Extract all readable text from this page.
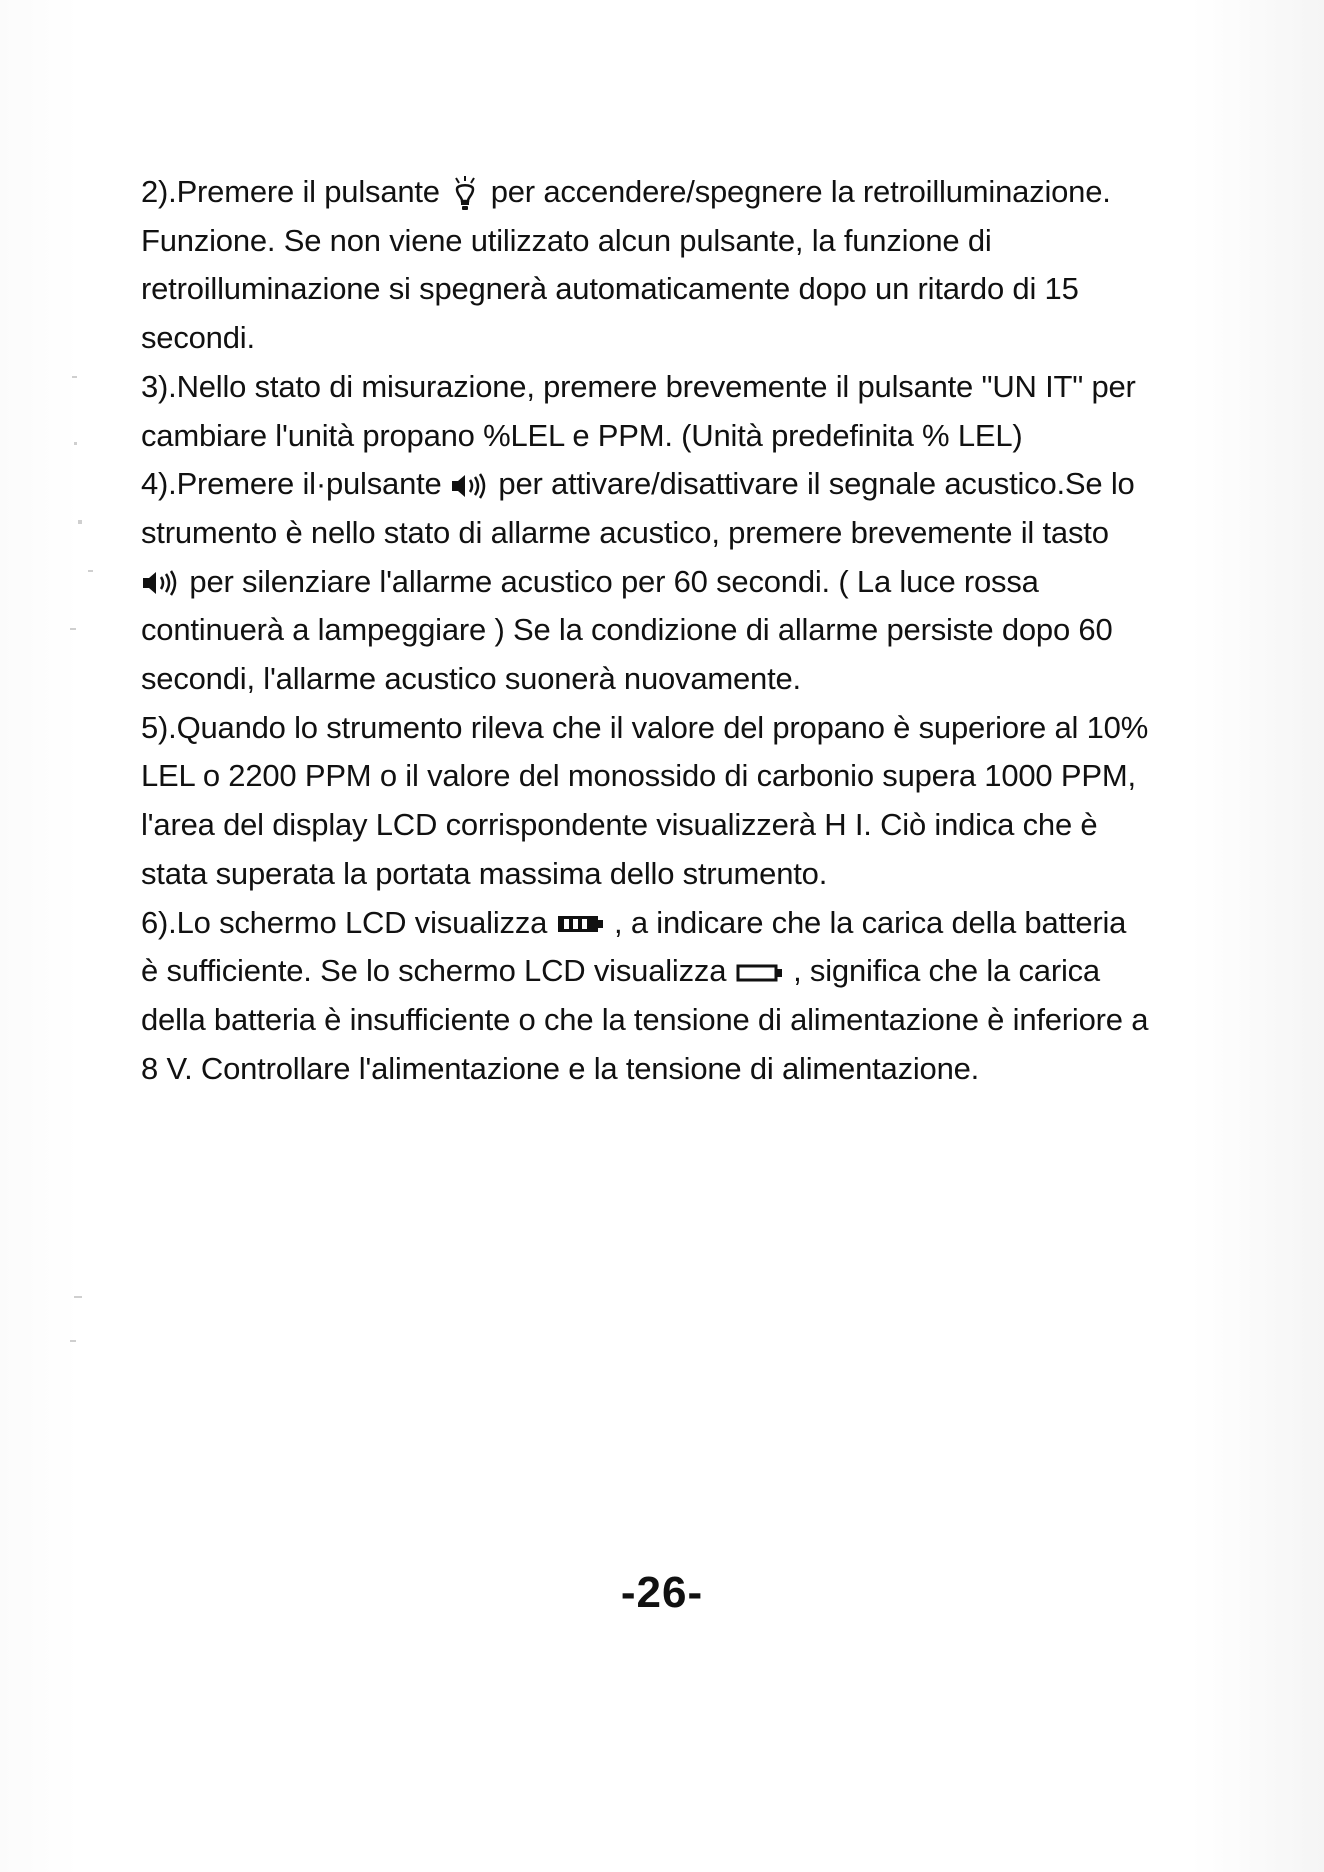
2).Premere il pulsante per accendere/spegnere la retroilluminazione. Funzione. Se non viene utilizzato alcun pulsante, la funzione di retroilluminazione si spegnerà automaticamente dopo un ritardo di 15 secondi.

3).Nello stato di misurazione, premere brevemente il pulsante "UN IT" per cambiare l'unità propano %LEL e PPM. (Unità predefinita % LEL)

4).Premere il·pulsante per attivare/disattivare il segnale acustico.Se lo strumento è nello stato di allarme acustico, premere brevemente il tasto  per silenziare l'allarme acustico per 60 secondi. ( La luce rossa continuerà a lampeggiare ) Se la condizione di allarme persiste dopo 60 secondi, l'allarme acustico suonerà nuovamente.

5).Quando lo strumento rileva che il valore del propano è superiore al 10% LEL o 2200 PPM o il valore del monossido di carbonio supera 1000 PPM, l'area del display LCD corrispondente visualizzerà H I. Ciò indica che è stata superata la portata massima dello strumento.

6).Lo schermo LCD visualizza , a indicare che la carica della batteria è sufficiente. Se lo schermo LCD visualizza , significa che la carica della batteria è insufficiente o che la tensione di alimentazione è inferiore a 8 V. Controllare l'alimentazione e la tensione di alimentazione.

-26-
